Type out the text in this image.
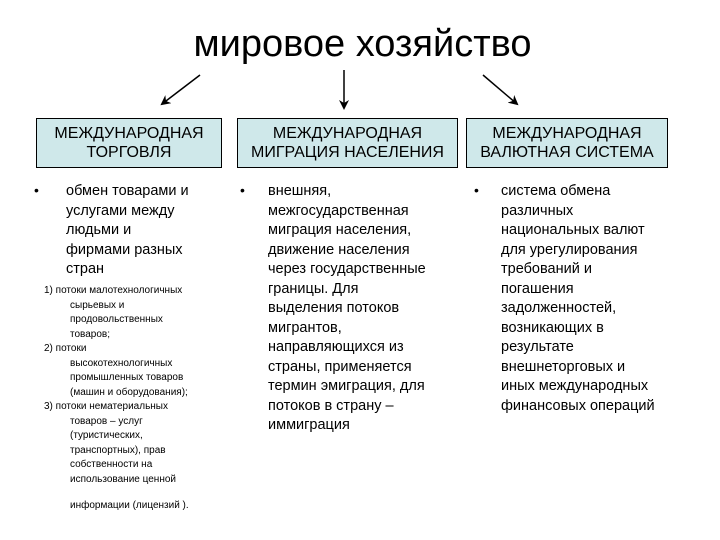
мировое хозяйство
МЕЖДУНАРОДНАЯ
ТОРГОВЛЯ
МЕЖДУНАРОДНАЯ
МИГРАЦИЯ НАСЕЛЕНИЯ
МЕЖДУНАРОДНАЯ
ВАЛЮТНАЯ СИСТЕМА
•	•	•
обмен товарами и
услугами между
людьми и
фирмами разных
стран
внешняя,
межгосударственная
миграция населения,
движение населения
через государственные
границы. Для
выделения потоков
мигрантов,
направляющихся из
страны, применяется
термин эмиграция, для
потоков в страну –
иммиграция
система обмена
различных
национальных валют
для урегулирования
требований и
погашения
задолженностей,
возникающих в
результате
внешнеторговых и
иных международных
финансовых операций
1) потоки малотехнологичных
сырьевых и
продовольственных
товаров;
2) потоки
высокотехнологичных
промышленных товаров
(машин и оборудования);
3) потоки нематериальных
товаров – услуг
(туристических,
транспортных), прав
собственности на
использование ценной
информации (лицензий ).
